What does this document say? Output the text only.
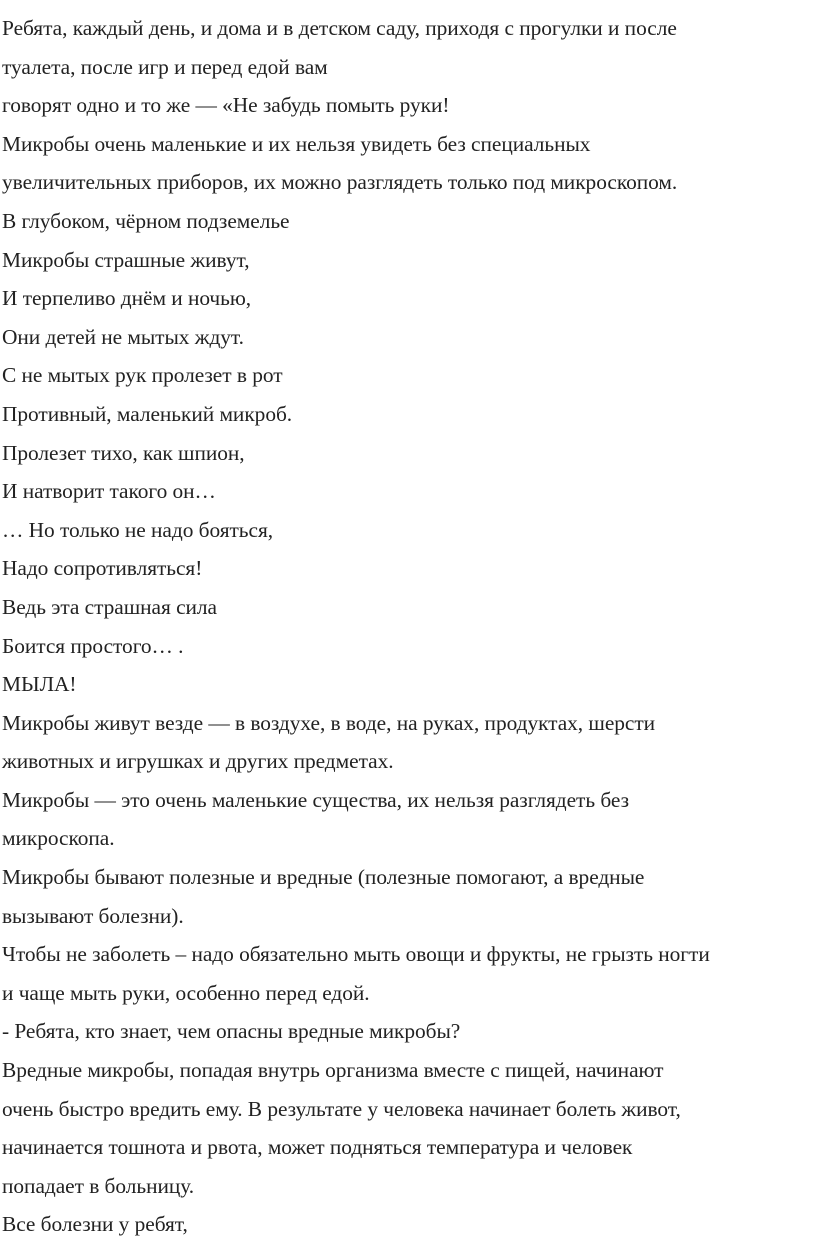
Ребята, каждый день, и дома и в детском саду, приходя с прогулки и после
туалета, после игр и перед едой вам
говорят одно и то же — «Не забудь помыть руки!
Микробы очень маленькие и их нельзя увидеть без специальных
увеличительных приборов, их можно разглядеть только под микроскопом.
В глубоком, чёрном подземелье
Микробы страшные живут,
И терпеливо днём и ночью,
Они детей не мытых ждут.
С не мытых рук пролезет в рот
Противный, маленький микроб.
Пролезет тихо, как шпион,
И натворит такого он…
… Но только не надо бояться,
Надо сопротивляться!
Ведь эта страшная сила
Боится простого… .
МЫЛА!
Микробы живут везде — в воздухе, в воде, на руках, продуктах, шерсти
животных и игрушках и других предметах.
Микробы — это очень маленькие существа, их нельзя разглядеть без
микроскопа.
Микробы бывают полезные и вредные (полезные помогают, а вредные
вызывают болезни).
Чтобы не заболеть – надо обязательно мыть овощи и фрукты, не грызть ногти
и чаще мыть руки, особенно перед едой.
- Ребята, кто знает, чем опасны вредные микробы?
Вредные микробы, попадая внутрь организма вместе с пищей, начинают
очень быстро вредить ему. В результате у человека начинает болеть живот,
начинается тошнота и рвота, может подняться температура и человек
попадает в больницу.
Все болезни у ребят,
